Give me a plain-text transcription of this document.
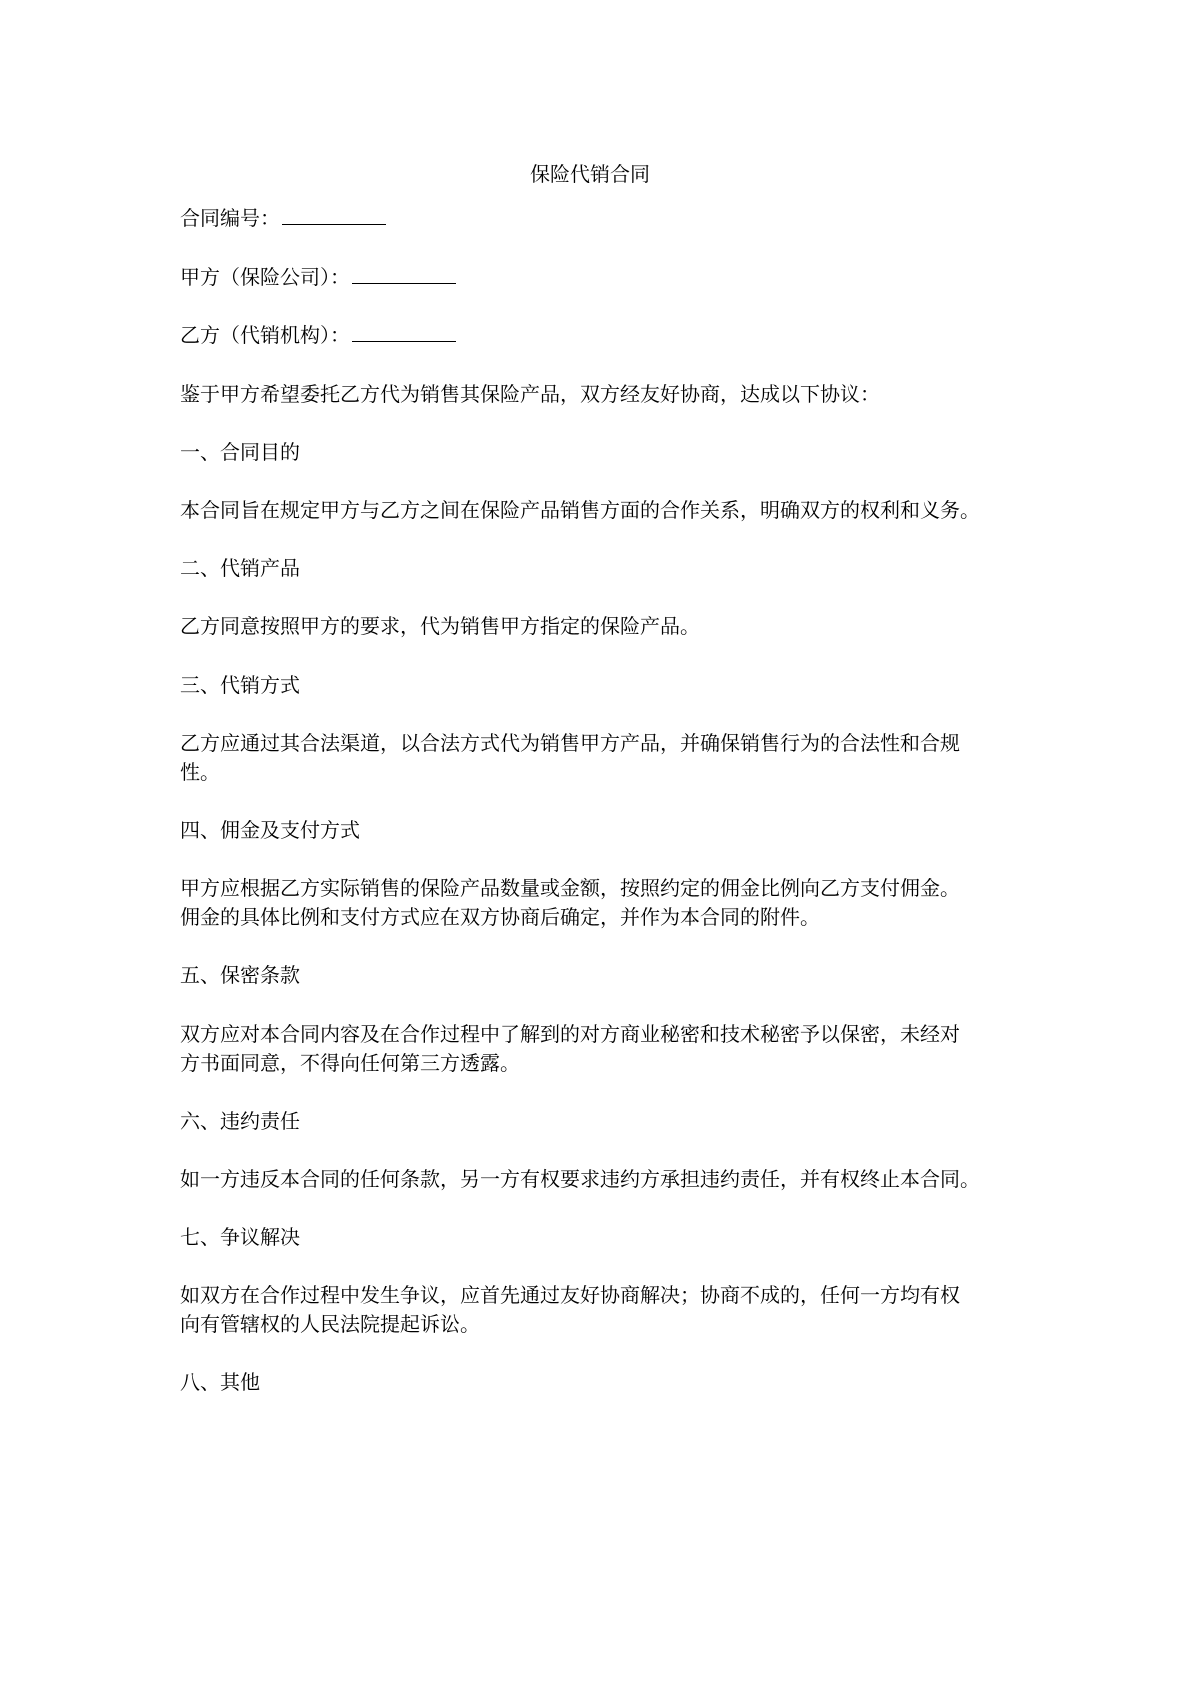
保险代销合同
合同编号：
甲方（保险公司）：
乙方（代销机构）：
鉴于甲方希望委托乙方代为销售其保险产品，双方经友好协商，达成以下协议：
一、合同目的
本合同旨在规定甲方与乙方之间在保险产品销售方面的合作关系，明确双方的权利和义务。
二、代销产品
乙方同意按照甲方的要求，代为销售甲方指定的保险产品。
三、代销方式
乙方应通过其合法渠道，以合法方式代为销售甲方产品，并确保销售行为的合法性和合规
性。
四、佣金及支付方式
甲方应根据乙方实际销售的保险产品数量或金额，按照约定的佣金比例向乙方支付佣金。
佣金的具体比例和支付方式应在双方协商后确定，并作为本合同的附件。
五、保密条款
双方应对本合同内容及在合作过程中了解到的对方商业秘密和技术秘密予以保密，未经对
方书面同意，不得向任何第三方透露。
六、违约责任
如一方违反本合同的任何条款，另一方有权要求违约方承担违约责任，并有权终止本合同。
七、争议解决
如双方在合作过程中发生争议，应首先通过友好协商解决；协商不成的，任何一方均有权
向有管辖权的人民法院提起诉讼。
八、其他
